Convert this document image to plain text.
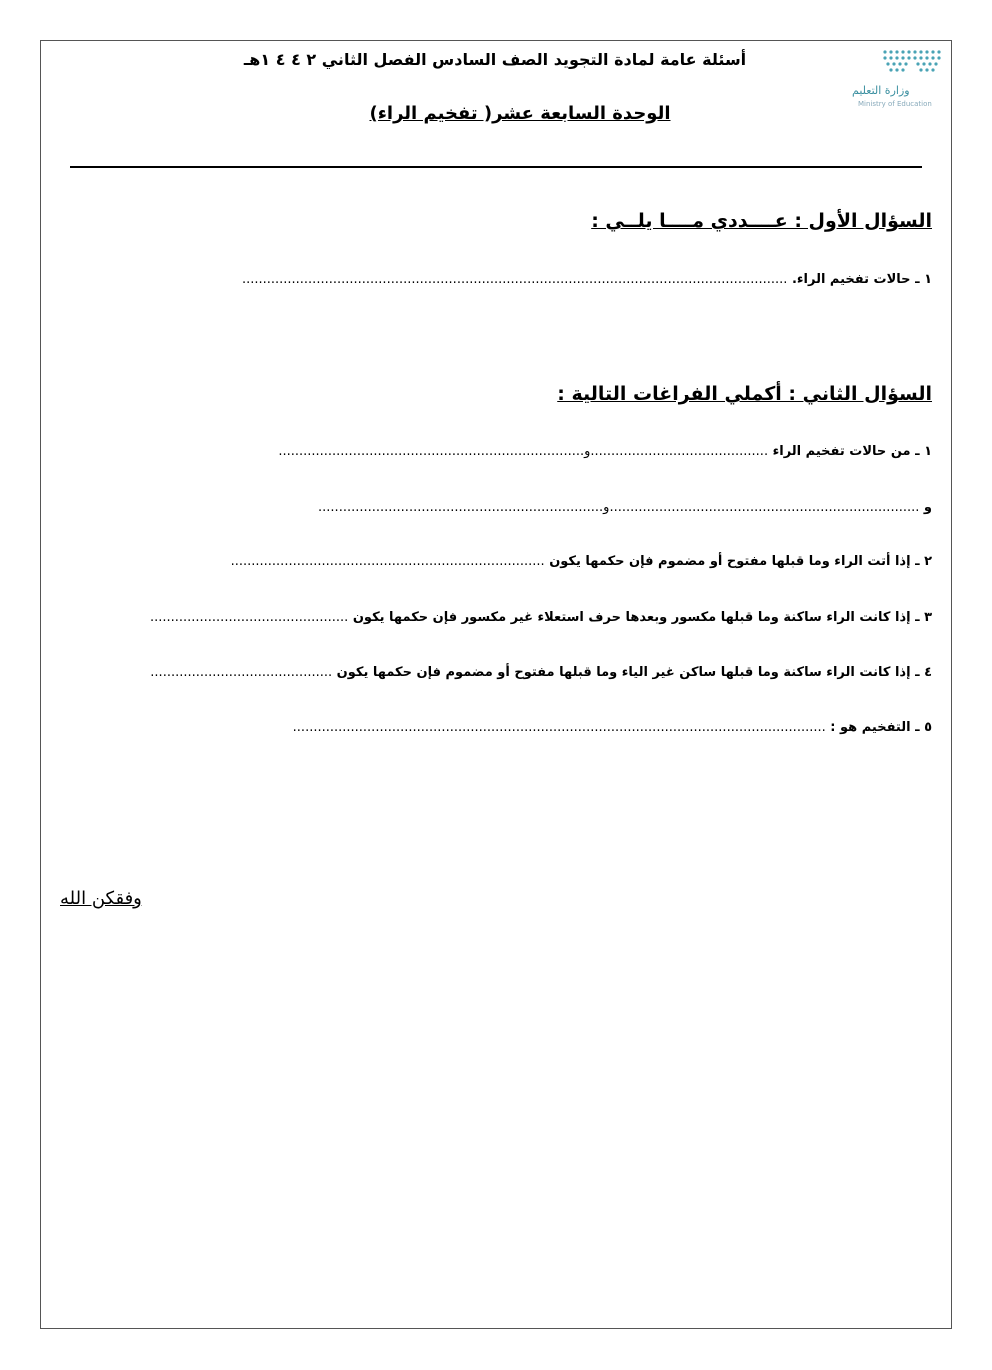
وزارة التعليم
Ministry of Education
أسئلة عامة لمادة التجويد الصف السادس الفصل الثاني ٢ ٤ ٤ ١هـ
الوحدة السابعة عشر( تفخيم الراء)
السؤال الأول : عــــددي مــــا يلــي :
١ ـ حالات تفخيم الراء. ....................................................................................................................................
السؤال الثاني : أكملي الفراغات التالية :
١ ـ من حالات تفخيم الراء ...........................................و..........................................................................
و ...........................................................................و.....................................................................
٢ ـ إذا أتت الراء وما قبلها مفتوح أو مضموم فإن حكمها يكون ............................................................................
٣ ـ إذا كانت الراء ساكنة وما قبلها مكسور وبعدها حرف استعلاء غير مكسور فإن حكمها يكون ................................................
٤ ـ إذا كانت الراء ساكنة وما قبلها ساكن غير الياء وما قبلها مفتوح أو مضموم فإن حكمها يكون ............................................
٥ ـ التفخيم هو : .................................................................................................................................
وفقكن الله
